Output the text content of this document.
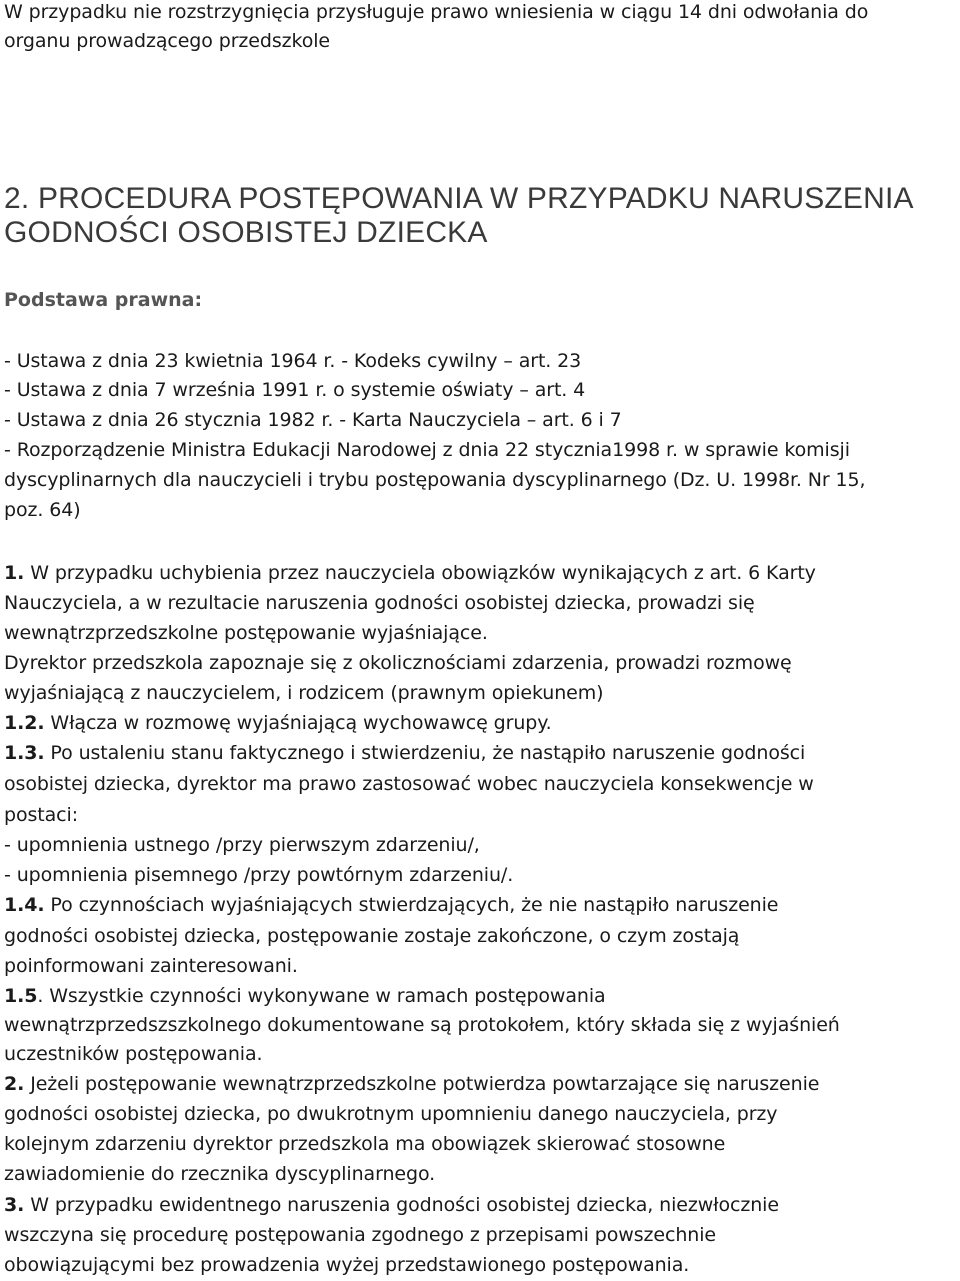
W przypadku nie rozstrzygnięcia przysługuje prawo wniesienia w ciągu 14 dni odwołania do
organu prowadzącego przedszkole
2. PROCEDURA POSTĘPOWANIA W PRZYPADKU NARUSZENIA
GODNOŚCI OSOBISTEJ DZIECKA
Podstawa prawna:
- Ustawa z dnia 23 kwietnia 1964 r. - Kodeks cywilny – art. 23
- Ustawa z dnia 7 września 1991 r. o systemie oświaty – art. 4
- Ustawa z dnia 26 stycznia 1982 r. - Karta Nauczyciela – art. 6 i 7
- Rozporządzenie Ministra Edukacji Narodowej z dnia 22 stycznia1998 r. w sprawie komisji
dyscyplinarnych dla nauczycieli i trybu postępowania dyscyplinarnego (Dz. U. 1998r. Nr 15,
poz. 64)
1. W przypadku uchybienia przez nauczyciela obowiązków wynikających z art. 6 Karty
Nauczyciela, a w rezultacie naruszenia godności osobistej dziecka, prowadzi się
wewnątrzprzedszkolne postępowanie wyjaśniające.
Dyrektor przedszkola zapoznaje się z okolicznościami zdarzenia, prowadzi rozmowę
wyjaśniającą z nauczycielem, i rodzicem (prawnym opiekunem)
1.2. Włącza w rozmowę wyjaśniającą wychowawcę grupy.
1.3. Po ustaleniu stanu faktycznego i stwierdzeniu, że nastąpiło naruszenie godności
osobistej dziecka, dyrektor ma prawo zastosować wobec nauczyciela konsekwencje w
postaci:
- upomnienia ustnego /przy pierwszym zdarzeniu/,
- upomnienia pisemnego /przy powtórnym zdarzeniu/.
1.4. Po czynnościach wyjaśniających stwierdzających, że nie nastąpiło naruszenie
godności osobistej dziecka, postępowanie zostaje zakończone, o czym zostają
poinformowani zainteresowani.
1.5. Wszystkie czynności wykonywane w ramach postępowania
wewnątrzprzedszszkolnego dokumentowane są protokołem, który składa się z wyjaśnień
uczestników postępowania.
2. Jeżeli postępowanie wewnątrzprzedszkolne potwierdza powtarzające się naruszenie
godności osobistej dziecka, po dwukrotnym upomnieniu danego nauczyciela, przy
kolejnym zdarzeniu dyrektor przedszkola ma obowiązek skierować stosowne
zawiadomienie do rzecznika dyscyplinarnego.
3. W przypadku ewidentnego naruszenia godności osobistej dziecka, niezwłocznie
wszczyna się procedurę postępowania zgodnego z przepisami powszechnie
obowiązującymi bez prowadzenia wyżej przedstawionego postępowania.
